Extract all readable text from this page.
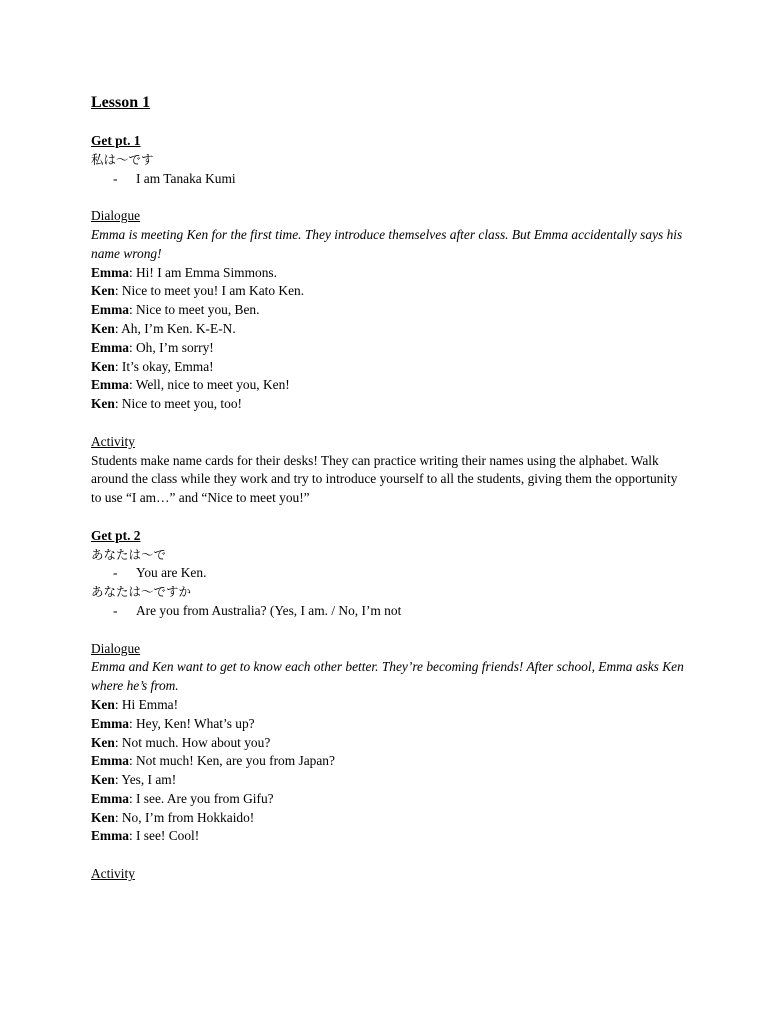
Lesson 1
Get pt. 1
私は～です
- I am Tanaka Kumi
Dialogue
Emma is meeting Ken for the first time. They introduce themselves after class. But Emma accidentally says his name wrong!
Emma: Hi! I am Emma Simmons.
Ken: Nice to meet you! I am Kato Ken.
Emma: Nice to meet you, Ben.
Ken: Ah, I’m Ken. K-E-N.
Emma: Oh, I’m sorry!
Ken: It’s okay, Emma!
Emma: Well, nice to meet you, Ken!
Ken: Nice to meet you, too!
Activity
Students make name cards for their desks! They can practice writing their names using the alphabet. Walk around the class while they work and try to introduce yourself to all the students, giving them the opportunity to use “I am…” and “Nice to meet you!”
Get pt. 2
あなたは～で
- You are Ken.
あなたは～ですか
- Are you from Australia? (Yes, I am. / No, I’m not
Dialogue
Emma and Ken want to get to know each other better. They’re becoming friends! After school, Emma asks Ken where he’s from.
Ken: Hi Emma!
Emma: Hey, Ken! What’s up?
Ken: Not much. How about you?
Emma: Not much! Ken, are you from Japan?
Ken: Yes, I am!
Emma: I see. Are you from Gifu?
Ken: No, I’m from Hokkaido!
Emma: I see! Cool!
Activity
